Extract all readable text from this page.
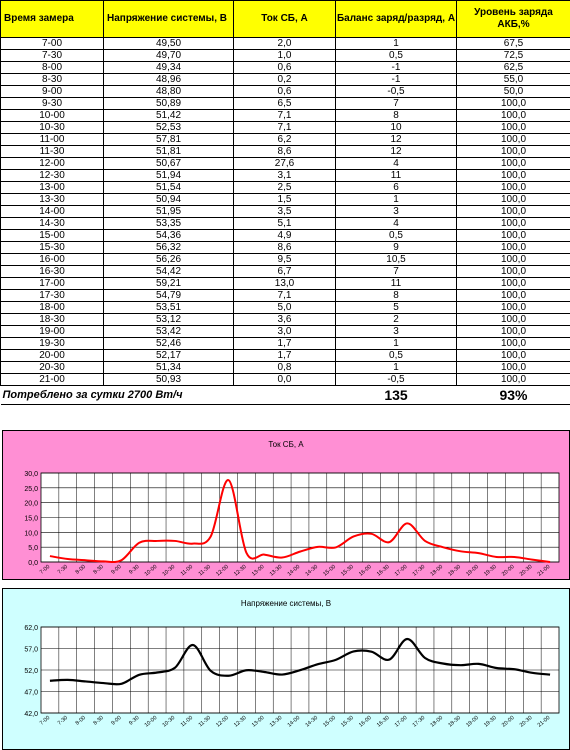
Время замера	Напряжение системы, В	Ток СБ, А	Баланс заряд/разряд, А	Уровень заряда АКБ,%
7-00	49,50	2,0	1	67,5
7-30	49,70	1,0	0,5	72,5
8-00	49,34	0,6	-1	62,5
8-30	48,96	0,2	-1	55,0
9-00	48,80	0,6	-0,5	50,0
9-30	50,89	6,5	7	100,0
10-00	51,42	7,1	8	100,0
10-30	52,53	7,1	10	100,0
11-00	57,81	6,2	12	100,0
11-30	51,81	8,6	12	100,0
12-00	50,67	27,6	4	100,0
12-30	51,94	3,1	11	100,0
13-00	51,54	2,5	6	100,0
13-30	50,94	1,5	1	100,0
14-00	51,95	3,5	3	100,0
14-30	53,35	5,1	4	100,0
15-00	54,36	4,9	0,5	100,0
15-30	56,32	8,6	9	100,0
16-00	56,26	9,5	10,5	100,0
16-30	54,42	6,7	7	100,0
17-00	59,21	13,0	11	100,0
17-30	54,79	7,1	8	100,0
18-00	53,51	5,0	5	100,0
18-30	53,12	3,6	2	100,0
19-00	53,42	3,0	3	100,0
19-30	52,46	1,7	1	100,0
20-00	52,17	1,7	0,5	100,0
20-30	51,34	0,8	1	100,0
21-00	50,93	0,0	-0,5	100,0
Потреблено за сутки 2700 Вт/ч			135	93%
Ток СБ, А
0,0
5,0
10,0
15,0
20,0
25,0
30,0
7-00 7-30 8-00 8-30 9-00 9-30 10-00 10-30 11-00 11-30 12-00 12-30 13-00 13-30 14-00 14-30 15-00 15-30 16-00 16-30 17-00 17-30 18-00 18-30 19-00 19-30 20-00 20-30 21-00
Напряжение системы, В
42,0
47,0
52,0
57,0
62,0
7-00 7-30 8-00 8-30 9-00 9-30 10-00 10-30 11-00 11-30 12-00 12-30 13-00 13-30 14-00 14-30 15-00 15-30 16-00 16-30 17-00 17-30 18-00 18-30 19-00 19-30 20-00 20-30 21-00
